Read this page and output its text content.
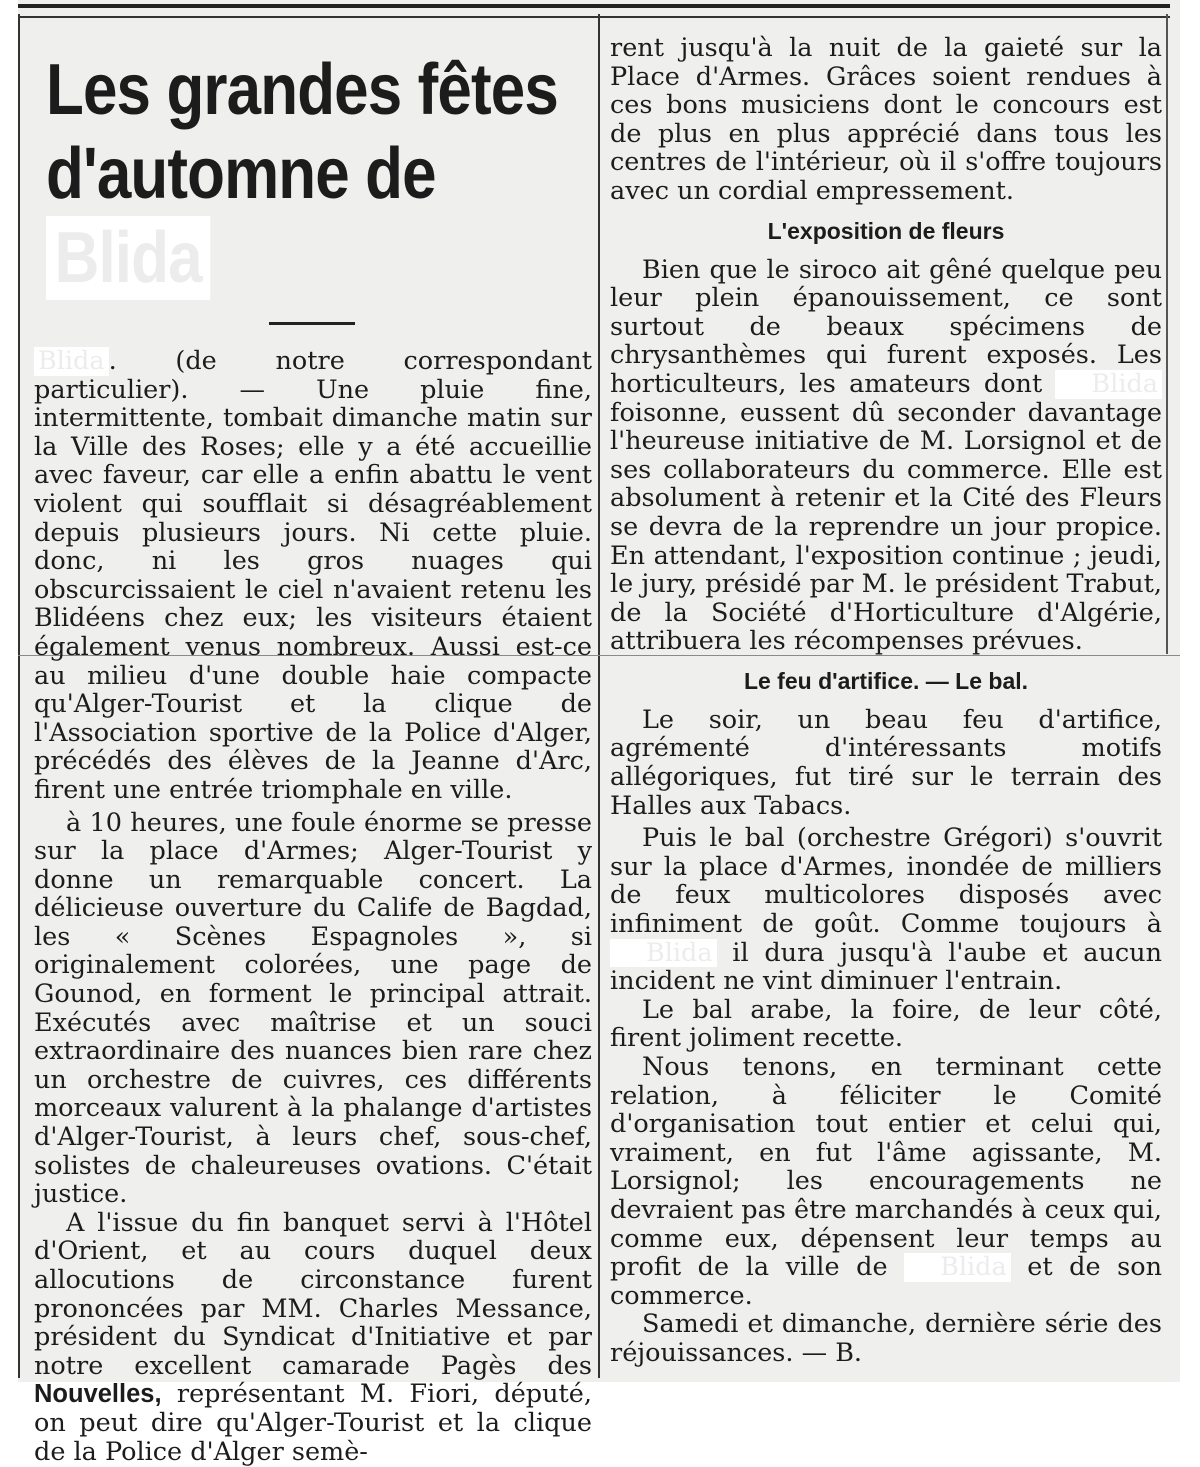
Les grandes fêtes d'automne de Blida

Blida . (de notre correspondant particulier). — Une pluie fine, intermittente, tombait dimanche matin sur la Ville des Roses; elle y a été accueillie avec faveur, car elle a enfin abattu le vent violent qui soufflait si désagréablement depuis plusieurs jours. Ni cette pluie. donc, ni les gros nuages qui obscurcissaient le ciel n'avaient retenu les Blidéens chez eux; les visiteurs étaient également venus nombreux. Aussi est-ce au milieu d'une double haie compacte qu'Alger-Tourist et la clique de l'Association sportive de la Police d'Alger, précédés des élèves de la Jeanne d'Arc, firent une entrée triomphale en ville.

à 10 heures, une foule énorme se presse sur la place d'Armes; Alger-Tourist y donne un remarquable concert. La délicieuse ouverture du Calife de Bagdad, les « Scènes Espagnoles », si originalement colorées, une page de Gounod, en forment le principal attrait. Exécutés avec maîtrise et un souci extraordinaire des nuances bien rare chez un orchestre de cuivres, ces différents morceaux valurent à la phalange d'artistes d'Alger-Tourist, à leurs chef, sous-chef, solistes de chaleureuses ovations. C'était justice.

A l'issue du fin banquet servi à l'Hôtel d'Orient, et au cours duquel deux allocutions de circonstance furent prononcées par MM. Charles Messance, président du Syndicat d'Initiative et par notre excellent camarade Pagès des Nouvelles, représentant M. Fiori, député, on peut dire qu'Alger-Tourist et la clique de la Police d'Alger semè-

rent jusqu'à la nuit de la gaieté sur la Place d'Armes. Grâces soient rendues à ces bons musiciens dont le concours est de plus en plus apprécié dans tous les centres de l'intérieur, où il s'offre toujours avec un cordial empressement.

L'exposition de fleurs

Bien que le siroco ait gêné quelque peu leur plein épanouissement, ce sont surtout de beaux spécimens de chrysanthèmes qui furent exposés. Les horticulteurs, les amateurs dont Blida foisonne, eussent dû seconder davantage l'heureuse initiative de M. Lorsignol et de ses collaborateurs du commerce. Elle est absolument à retenir et la Cité des Fleurs se devra de la reprendre un jour propice. En attendant, l'exposition continue ; jeudi, le jury, présidé par M. le président Trabut, de la Société d'Horticulture d'Algérie, attribuera les récompenses prévues.

Le feu d'artifice. — Le bal.

Le soir, un beau feu d'artifice, agrémenté d'intéressants motifs allégoriques, fut tiré sur le terrain des Halles aux Tabacs.

Puis le bal (orchestre Grégori) s'ouvrit sur la place d'Armes, inondée de milliers de feux multicolores disposés avec infiniment de goût. Comme toujours à Blida il dura jusqu'à l'aube et aucun incident ne vint diminuer l'entrain.

Le bal arabe, la foire, de leur côté, firent joliment recette.

Nous tenons, en terminant cette relation, à féliciter le Comité d'organisation tout entier et celui qui, vraiment, en fut l'âme agissante, M. Lorsignol; les encouragements ne devraient pas être marchandés à ceux qui, comme eux, dépensent leur temps au profit de la ville de Blida et de son commerce.

Samedi et dimanche, dernière série des réjouissances. — B.
